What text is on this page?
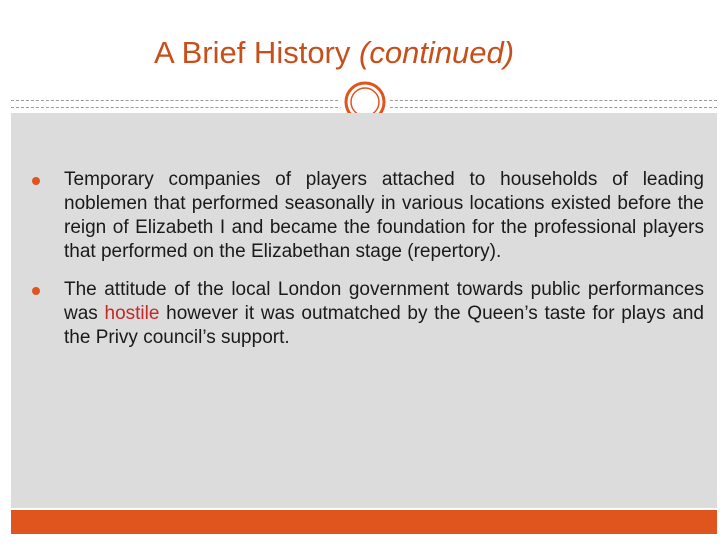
A Brief History (continued)
Temporary companies of players attached to households of leading noblemen that performed seasonally in various locations existed before the reign of Elizabeth I and became the foundation for the professional players that performed on the Elizabethan stage (repertory).
The attitude of the local London government towards public performances was hostile however it was outmatched by the Queen’s taste for plays and the Privy council’s support.
